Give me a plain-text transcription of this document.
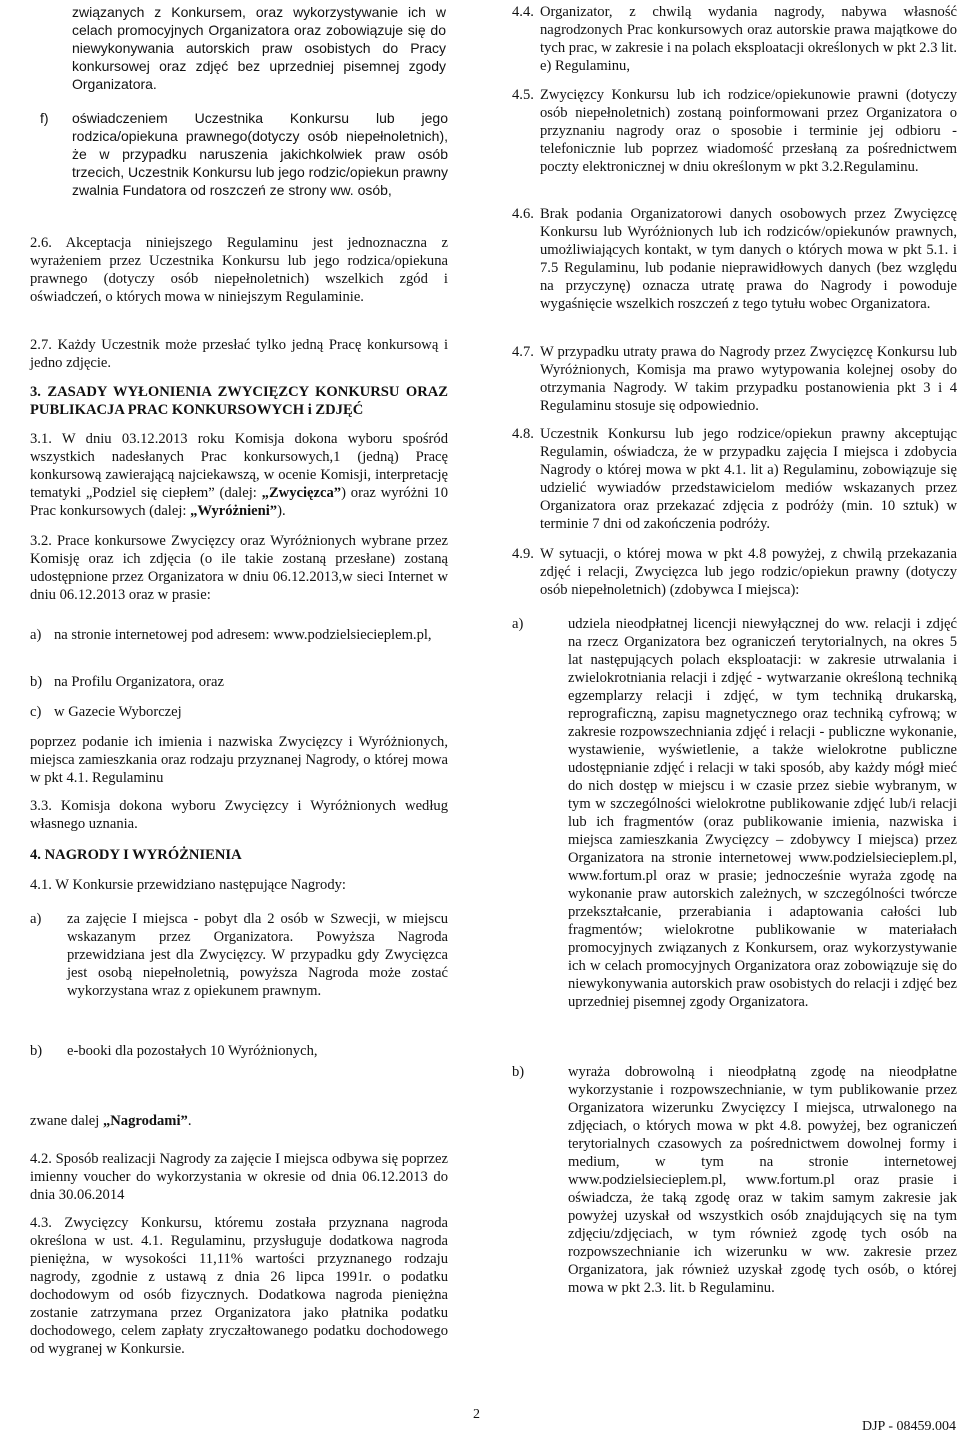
związanych z Konkursem, oraz wykorzystywanie ich w celach promocyjnych Organizatora oraz zobowiązuje się do niewykonywania autorskich praw osobistych do Pracy konkursowej oraz zdjęć bez uprzedniej pisemnej zgody Organizatora.
f) oświadczeniem Uczestnika Konkursu lub jego rodzica/opiekuna prawnego(dotyczy osób niepełnoletnich), że w przypadku naruszenia jakichkolwiek praw osób trzecich, Uczestnik Konkursu lub jego rodzic/opiekun prawny zwalnia Fundatora od roszczeń ze strony ww. osób,
2.6. Akceptacja niniejszego Regulaminu jest jednoznaczna z wyrażeniem przez Uczestnika Konkursu lub jego rodzica/opiekuna prawnego (dotyczy osób niepełnoletnich) wszelkich zgód i oświadczeń, o których mowa w niniejszym Regulaminie.
2.7. Każdy Uczestnik może przesłać tylko jedną Pracę konkursową i jedno zdjęcie.
3. ZASADY WYŁONIENIA ZWYCIĘZCY KONKURSU ORAZ PUBLIKACJA PRAC KONKURSOWYCH i ZDJĘĆ
3.1. W dniu 03.12.2013 roku Komisja dokona wyboru spośród wszystkich nadesłanych Prac konkursowych,1 (jedną) Pracę konkursową zawierającą najciekawszą, w ocenie Komisji, interpretację tematyki „Podziel się ciepłem” (dalej: „Zwycięzca”) oraz wyróżni 10 Prac konkursowych (dalej: „Wyróżnieni”).
3.2. Prace konkursowe Zwycięzcy oraz Wyróżnionych wybrane przez Komisję oraz ich zdjęcia (o ile takie zostaną przesłane) zostaną udostępnione przez Organizatora w dniu 06.12.2013,w sieci Internet w dniu 06.12.2013 oraz w prasie:
a) na stronie internetowej pod adresem: www.podzielsiecieplem.pl,
b) na Profilu Organizatora, oraz
c) w Gazecie Wyborczej
poprzez podanie ich imienia i nazwiska Zwycięzcy i Wyróżnionych, miejsca zamieszkania oraz rodzaju przyznanej Nagrody, o której mowa w pkt 4.1. Regulaminu
3.3. Komisja dokona wyboru Zwycięzcy i Wyróżnionych według własnego uznania.
4. NAGRODY I WYRÓŻNIENIA
4.1. W Konkursie przewidziano następujące Nagrody:
a) za zajęcie I miejsca - pobyt dla 2 osób w Szwecji, w miejscu wskazanym przez Organizatora. Powyższa Nagroda przewidziana jest dla Zwycięzcy. W przypadku gdy Zwycięzca jest osobą niepełnoletnią, powyższa Nagroda może zostać wykorzystana wraz z opiekunem prawnym.
b) e-booki dla pozostałych 10 Wyróżnionych,
zwane dalej „Nagrodami”.
4.2. Sposób realizacji Nagrody za zajęcie I miejsca odbywa się poprzez imienny voucher do wykorzystania w okresie od dnia 06.12.2013 do dnia 30.06.2014
4.3. Zwycięzcy Konkursu, któremu została przyznana nagroda określona w ust. 4.1. Regulaminu, przysługuje dodatkowa nagroda pieniężna, w wysokości 11,11% wartości przyznanego rodzaju nagrody, zgodnie z ustawą z dnia 26 lipca 1991r. o podatku dochodowym od osób fizycznych. Dodatkowa nagroda pieniężna zostanie zatrzymana przez Organizatora jako płatnika podatku dochodowego, celem zapłaty zryczałtowanego podatku dochodowego od wygranej w Konkursie.
4.4. Organizator, z chwilą wydania nagrody, nabywa własność nagrodzonych Prac konkursowych oraz autorskie prawa majątkowe do tych prac, w zakresie i na polach eksploatacji określonych w pkt 2.3 lit. e) Regulaminu,
4.5. Zwycięzcy Konkursu lub ich rodzice/opiekunowie prawni (dotyczy osób niepełnoletnich) zostaną poinformowani przez Organizatora o przyznaniu nagrody oraz o sposobie i terminie jej odbioru - telefonicznie lub poprzez wiadomość przesłaną za pośrednictwem poczty elektronicznej w dniu określonym w pkt 3.2.Regulaminu.
4.6. Brak podania Organizatorowi danych osobowych przez Zwycięzcę Konkursu lub Wyróżnionych lub ich rodziców/opiekunów prawnych, umożliwiających kontakt, w tym danych o których mowa w pkt 5.1. i 7.5 Regulaminu, lub podanie nieprawidłowych danych (bez względu na przyczynę) oznacza utratę prawa do Nagrody i powoduje wygaśnięcie wszelkich roszczeń z tego tytułu wobec Organizatora.
4.7. W przypadku utraty prawa do Nagrody przez Zwycięzcę Konkursu lub Wyróżnionych, Komisja ma prawo wytypowania kolejnej osoby do otrzymania Nagrody. W takim przypadku postanowienia pkt 3 i 4 Regulaminu stosuje się odpowiednio.
4.8. Uczestnik Konkursu lub jego rodzice/opiekun prawny akceptując Regulamin, oświadcza, że w przypadku zajęcia I miejsca i zdobycia Nagrody o której mowa w pkt 4.1. lit a) Regulaminu, zobowiązuje się udzielić wywiadów przedstawicielom mediów wskazanych przez Organizatora oraz przekazać zdjęcia z podróży (min. 10 sztuk) w terminie 7 dni od zakończenia podróży.
4.9. W sytuacji, o której mowa w pkt 4.8 powyżej, z chwilą przekazania zdjęć i relacji, Zwycięzca lub jego rodzic/opiekun prawny (dotyczy osób niepełnoletnich) (zdobywca I miejsca):
a)	udziela nieodpłatnej licencji niewyłącznej do ww. relacji i zdjęć na rzecz Organizatora bez ograniczeń terytorialnych, na okres 5 lat następujących polach eksploatacji: w zakresie utrwalania i zwielokrotniania relacji i zdjęć - wytwarzanie określoną techniką egzemplarzy relacji i zdjęć, w tym techniką drukarską, reprograficzną, zapisu magnetycznego oraz techniką cyfrową; w zakresie rozpowszechniania zdjęć i relacji - publiczne wykonanie, wystawienie, wyświetlenie, a także wielokrotne publiczne udostępnianie zdjęć i relacji w taki sposób, aby każdy mógł mieć do nich dostęp w miejscu i w czasie przez siebie wybranym, w tym w szczególności wielokrotne publikowanie zdjęć lub/i relacji lub ich fragmentów (oraz publikowanie imienia, nazwiska i miejsca zamieszkania Zwycięzcy – zdobywcy I miejsca) przez Organizatora na stronie internetowej www.podzielsiecieplem.pl, www.fortum.pl oraz w prasie; jednocześnie wyraża zgodę na wykonanie praw autorskich zależnych, w szczególności twórcze przekształcanie, przerabiania i adaptowania całości lub fragmentów; wielokrotne publikowanie w materiałach promocyjnych związanych z Konkursem, oraz wykorzystywanie ich w celach promocyjnych Organizatora oraz zobowiązuje się do niewykonywania autorskich praw osobistych do relacji i zdjęć bez uprzedniej pisemnej zgody Organizatora.
b)	wyraża dobrowolną i nieodpłatną zgodę na nieodpłatne wykorzystanie i rozpowszechnianie, w tym publikowanie przez Organizatora wizerunku Zwycięzcy I miejsca, utrwalonego na zdjęciach, o których mowa w pkt 4.8. powyżej, bez ograniczeń terytorialnych czasowych za pośrednictwem dowolnej formy i medium, w tym na stronie internetowej www.podzielsiecieplem.pl, www.fortum.pl oraz prasie i oświadcza, że taką zgodę oraz w takim samym zakresie jak powyżej uzyskał od wszystkich osób znajdujących się na tym zdjęciu/zdjęciach, w tym również zgodę tych osób na rozpowszechnianie ich wizerunku w ww. zakresie przez Organizatora, jak również uzyskał zgodę tych osób, o której mowa w pkt 2.3. lit. b Regulaminu.
2
DJP - 08459.004
